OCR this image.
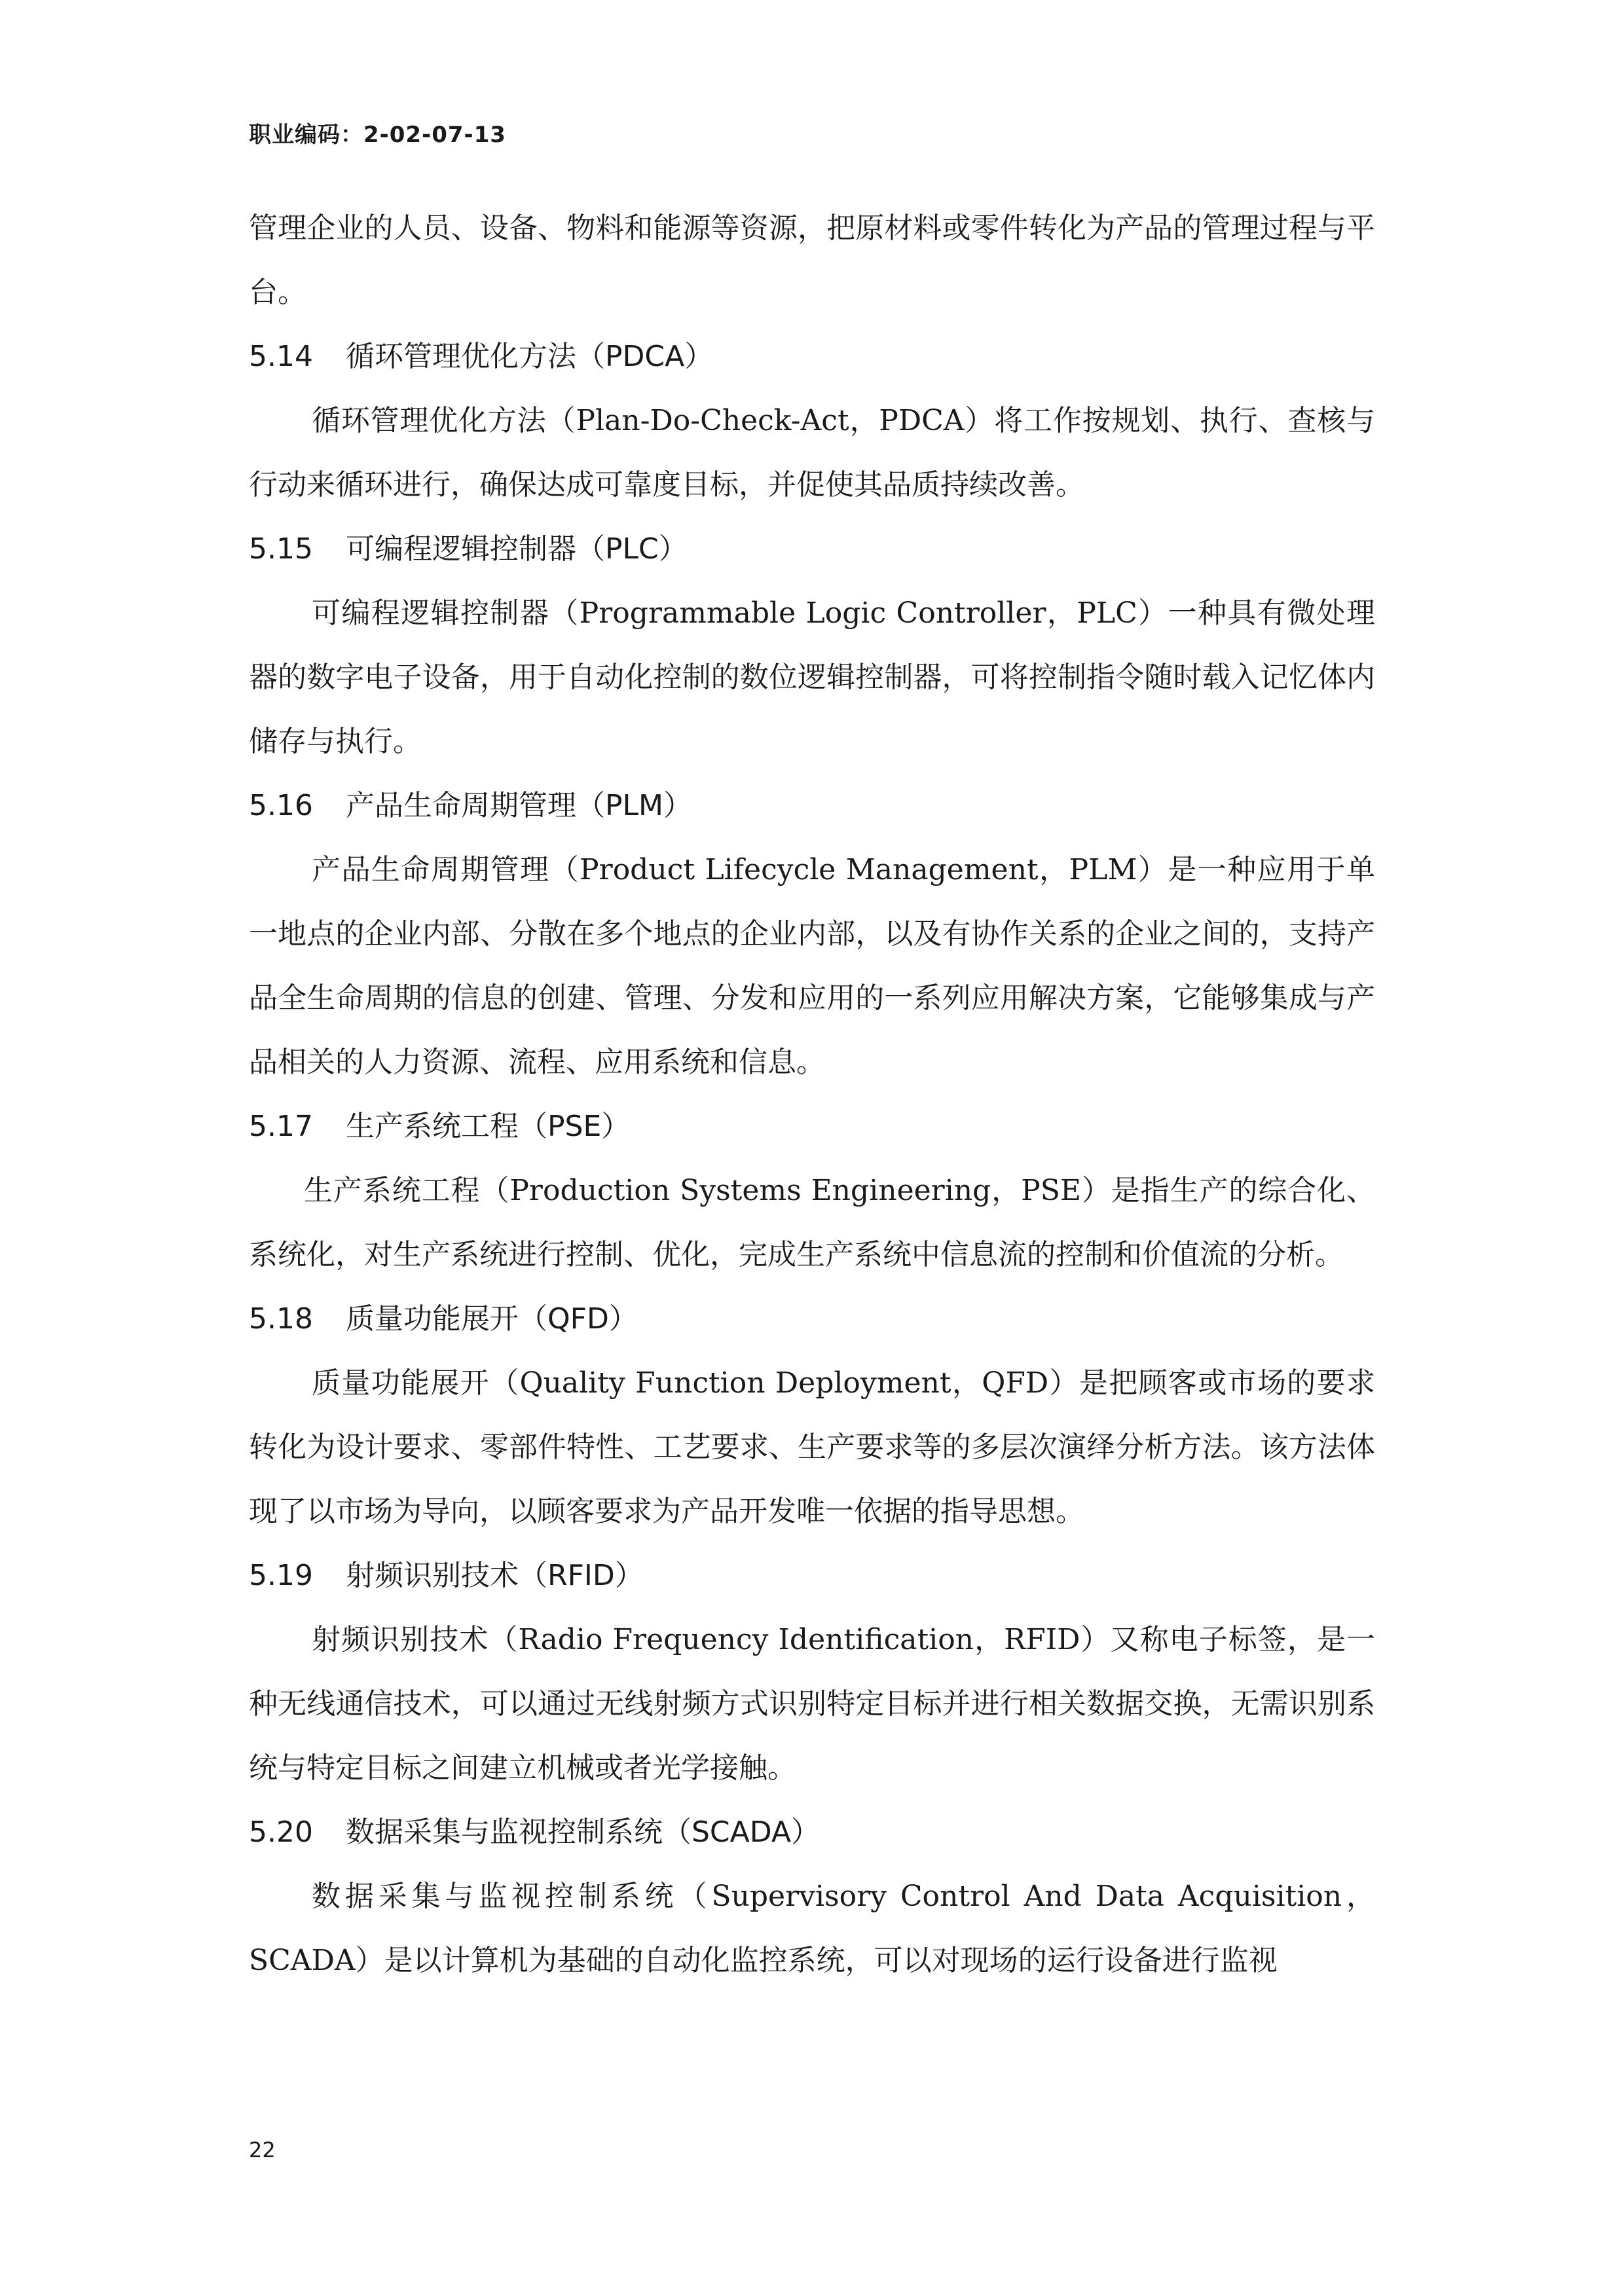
职业编码：2-02-07-13

管理企业的人员、设备、物料和能源等资源，把原材料或零件转化为产品的管理过程与平台。

5.14 循环管理优化方法（PDCA）

循环管理优化方法（Plan-Do-Check-Act，PDCA）将工作按规划、执行、查核与行动来循环进行，确保达成可靠度目标，并促使其品质持续改善。

5.15 可编程逻辑控制器（PLC）

可编程逻辑控制器（Programmable Logic Controller，PLC）一种具有微处理器的数字电子设备，用于自动化控制的数位逻辑控制器，可将控制指令随时载入记忆体内储存与执行。

5.16 产品生命周期管理（PLM）

产品生命周期管理（Product Lifecycle Management，PLM）是一种应用于单一地点的企业内部、分散在多个地点的企业内部，以及有协作关系的企业之间的，支持产品全生命周期的信息的创建、管理、分发和应用的一系列应用解决方案，它能够集成与产品相关的人力资源、流程、应用系统和信息。

5.17 生产系统工程（PSE）

生产系统工程（Production Systems Engineering，PSE）是指生产的综合化、系统化，对生产系统进行控制、优化，完成生产系统中信息流的控制和价值流的分析。

5.18 质量功能展开（QFD）

质量功能展开（Quality Function Deployment，QFD）是把顾客或市场的要求转化为设计要求、零部件特性、工艺要求、生产要求等的多层次演绎分析方法。该方法体现了以市场为导向，以顾客要求为产品开发唯一依据的指导思想。

5.19 射频识别技术（RFID）

射频识别技术（Radio Frequency Identification，RFID）又称电子标签，是一种无线通信技术，可以通过无线射频方式识别特定目标并进行相关数据交换，无需识别系统与特定目标之间建立机械或者光学接触。

5.20 数据采集与监视控制系统（SCADA）

数据采集与监视控制系统（Supervisory Control And Data Acquisition，SCADA）是以计算机为基础的自动化监控系统，可以对现场的运行设备进行监视

22
